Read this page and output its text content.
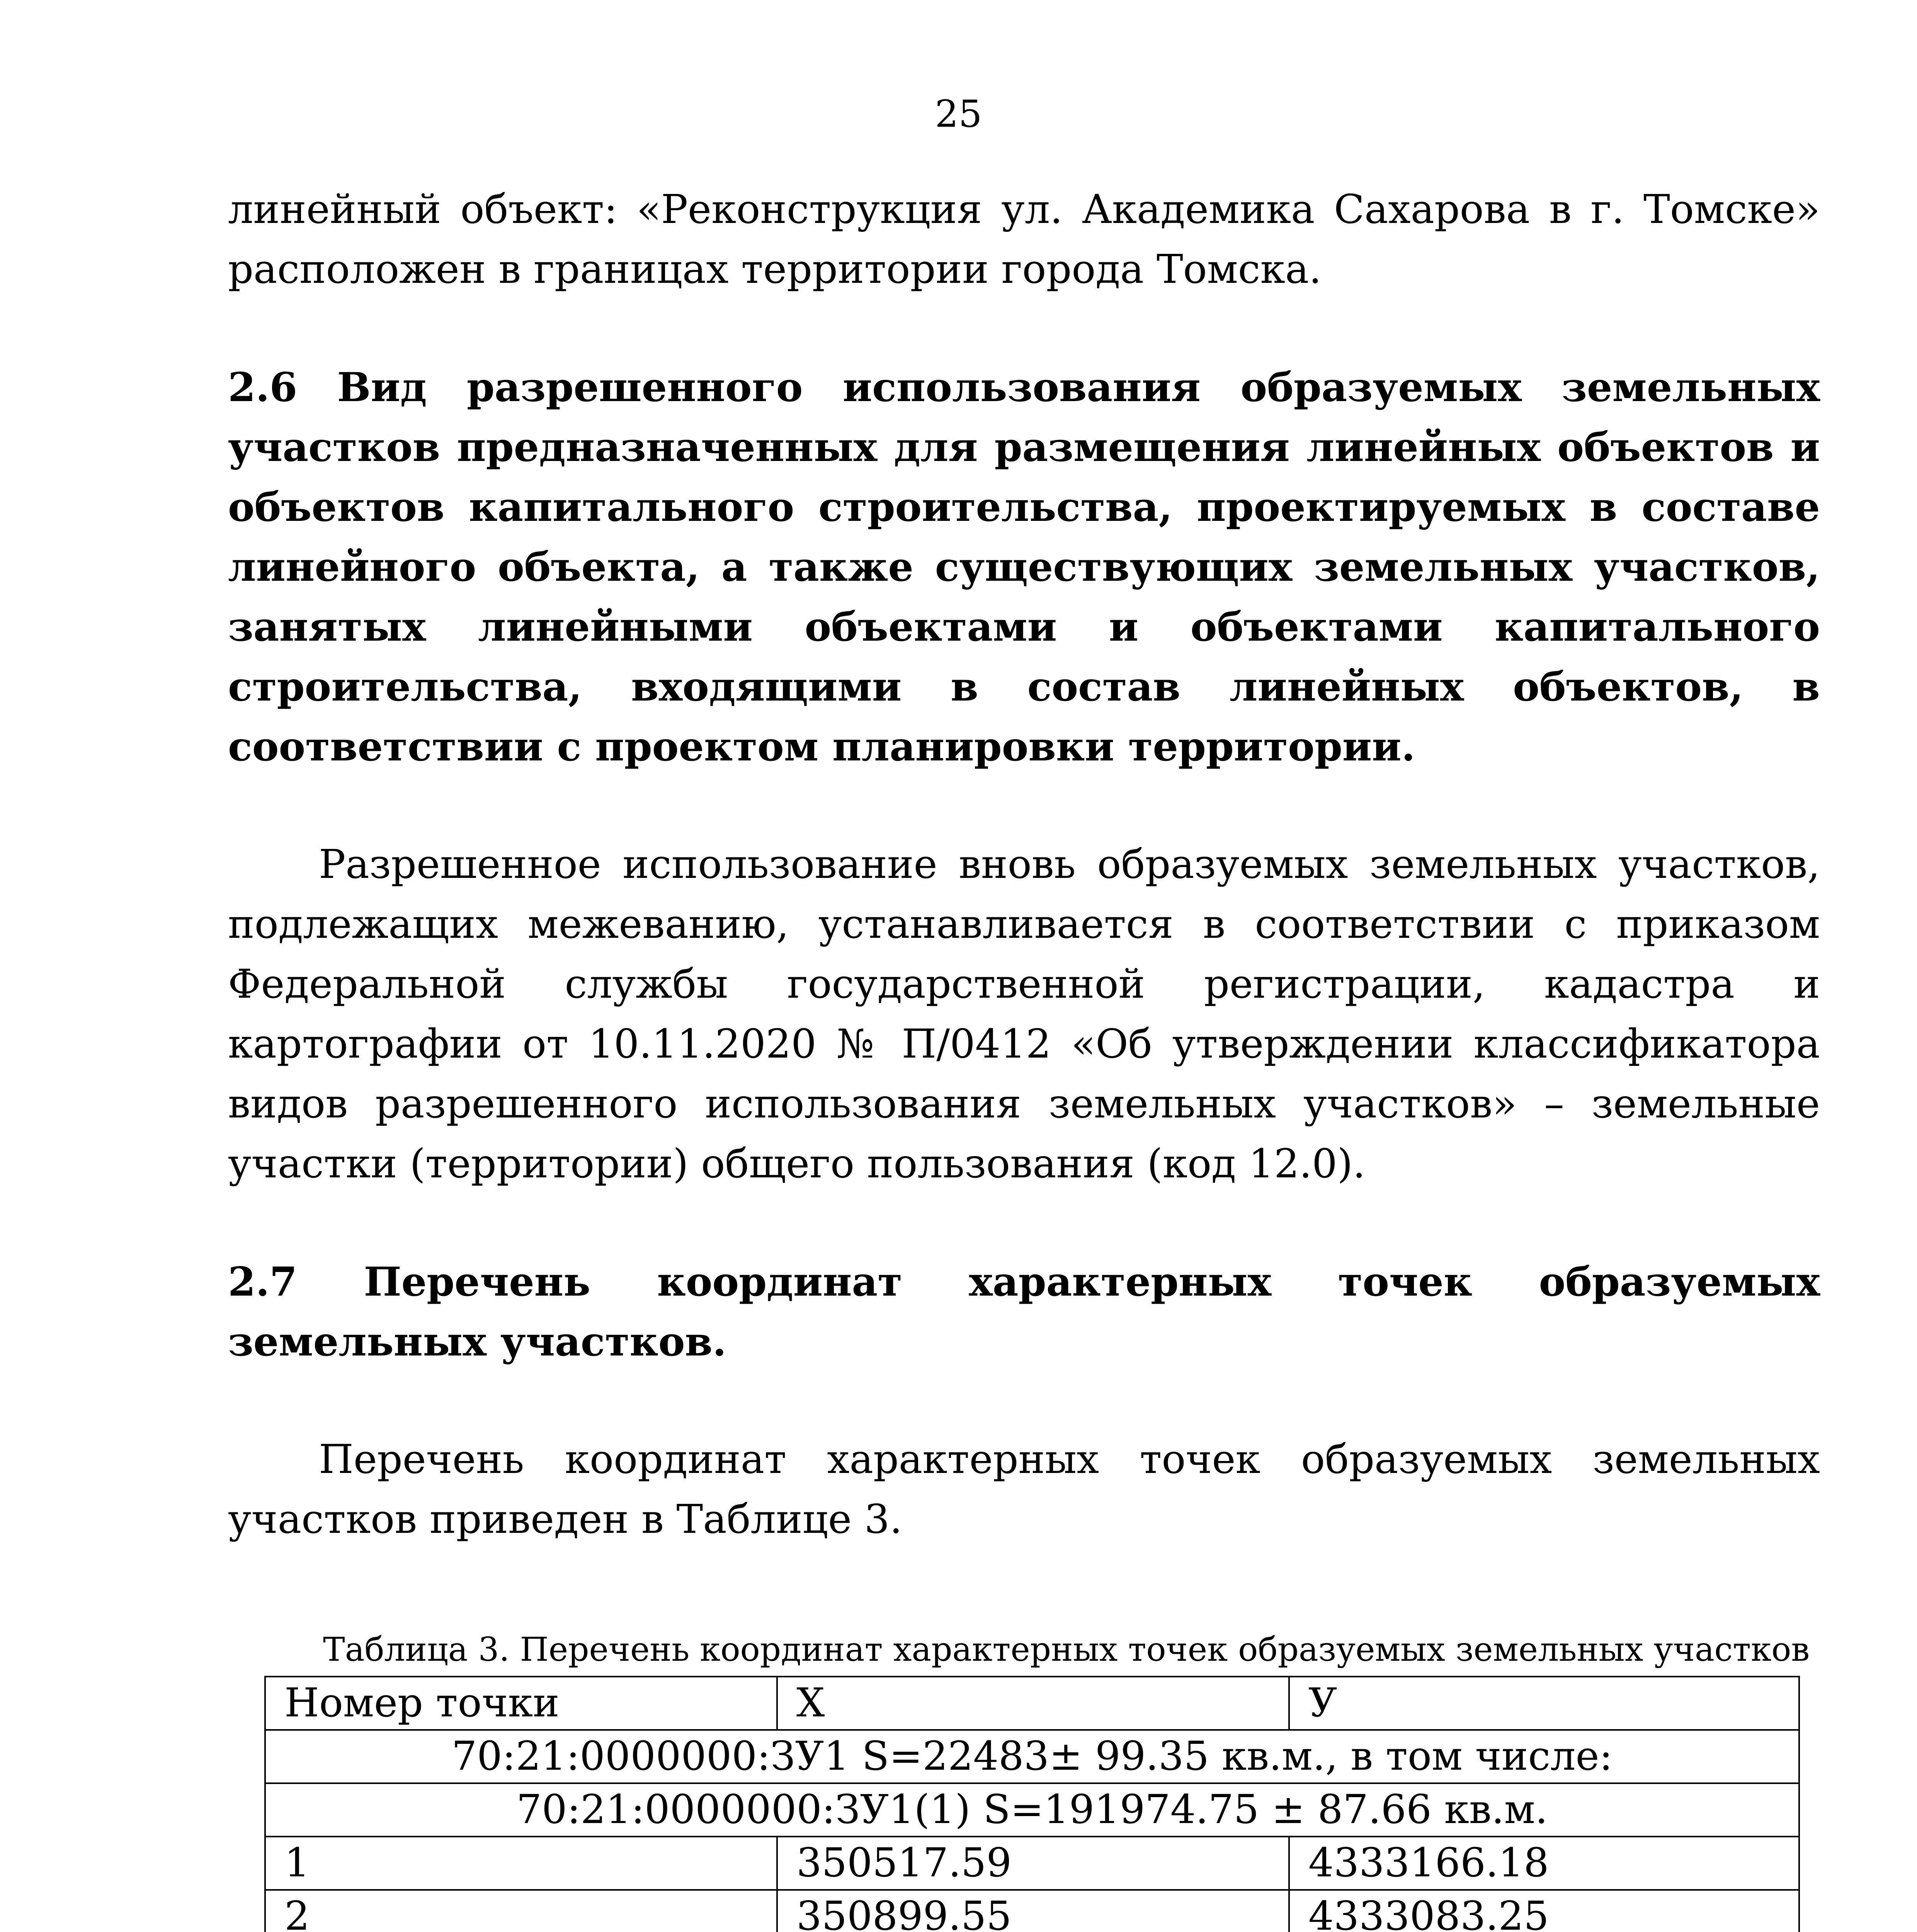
25

линейный объект: «Реконструкция ул. Академика Сахарова в г. Томске» расположен в границах территории города Томска.

2.6 Вид разрешенного использования образуемых земельных участков предназначенных для размещения линейных объектов и объектов капитального строительства, проектируемых в составе линейного объекта, а также существующих земельных участков, занятых линейными объектами и объектами капитального строительства, входящими в состав линейных объектов, в соответствии с проектом планировки территории.

Разрешенное использование вновь образуемых земельных участков, подлежащих межеванию, устанавливается в соответствии с приказом Федеральной службы государственной регистрации, кадастра и картографии от 10.11.2020 № П/0412 «Об утверждении классификатора видов разрешенного использования земельных участков» – земельные участки (территории) общего пользования (код 12.0).

2.7 Перечень координат характерных точек образуемых земельных участков.

Перечень координат характерных точек образуемых земельных участков приведен в Таблице 3.

Таблица 3. Перечень координат характерных точек образуемых земельных участков

Номер точки	X	У
70:21:0000000:ЗУ1 S=22483± 99.35 кв.м., в том числе:		
70:21:0000000:ЗУ1(1) S=191974.75 ± 87.66 кв.м.		
1	350517.59	4333166.18
2	350899.55	4333083.25
